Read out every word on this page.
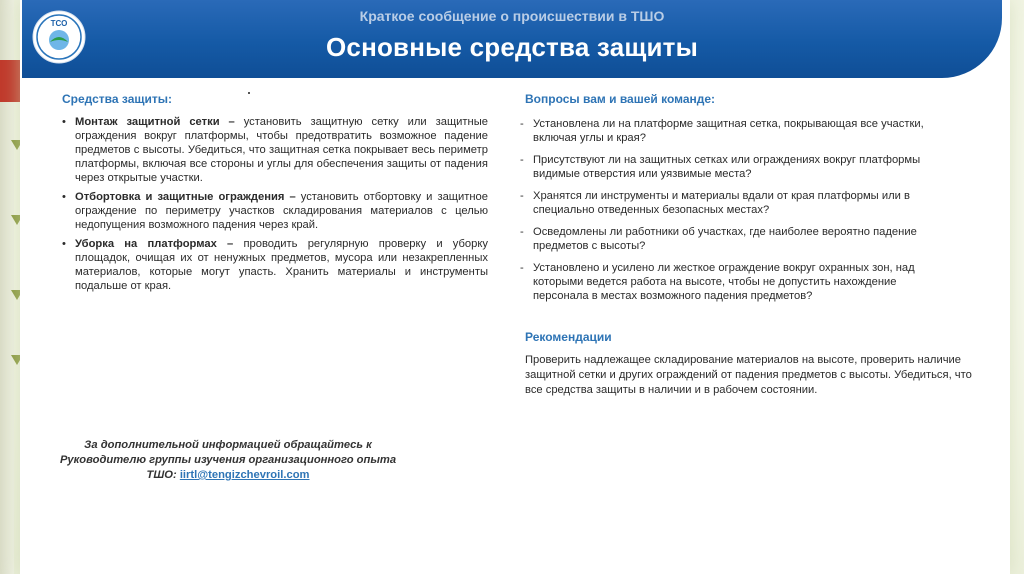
Краткое сообщение о происшествии в ТШО
Основные средства защиты
ТСО
Средства защиты:
• Монтаж защитной сетки – установить защитную сетку или защитные ограждения вокруг платформы, чтобы предотвратить возможное падение предметов с высоты. Убедиться, что защитная сетка покрывает весь периметр платформы, включая все стороны и углы для обеспечения защиты от падения через открытые участки.
• Отбортовка и защитные ограждения – установить отбортовку и защитное ограждение по периметру участков складирования материалов с целью недопущения возможного падения через край.
• Уборка на платформах – проводить регулярную проверку и уборку площадок, очищая их от ненужных предметов, мусора или незакрепленных материалов, которые могут упасть. Хранить материалы и инструменты подальше от края.
Вопросы вам и вашей команде:
- Установлена ли на платформе защитная сетка, покрывающая все участки, включая углы и края?
- Присутствуют ли на защитных сетках или ограждениях вокруг платформы видимые отверстия или уязвимые места?
- Хранятся ли инструменты и материалы вдали от края платформы или в специально отведенных безопасных местах?
- Осведомлены ли работники об участках, где наиболее вероятно падение предметов с высоты?
- Установлено и усилено ли жесткое ограждение вокруг охранных зон, над которыми ведется работа на высоте, чтобы не допустить нахождение персонала в местах возможного падения предметов?
Рекомендации
Проверить надлежащее складирование материалов на высоте, проверить наличие защитной сетки и других ограждений от падения предметов с высоты. Убедиться, что все средства защиты в наличии и в рабочем состоянии.
За дополнительной информацией обращайтесь к Руководителю группы изучения организационного опыта ТШО: iirtl@tengizchevroil.com
